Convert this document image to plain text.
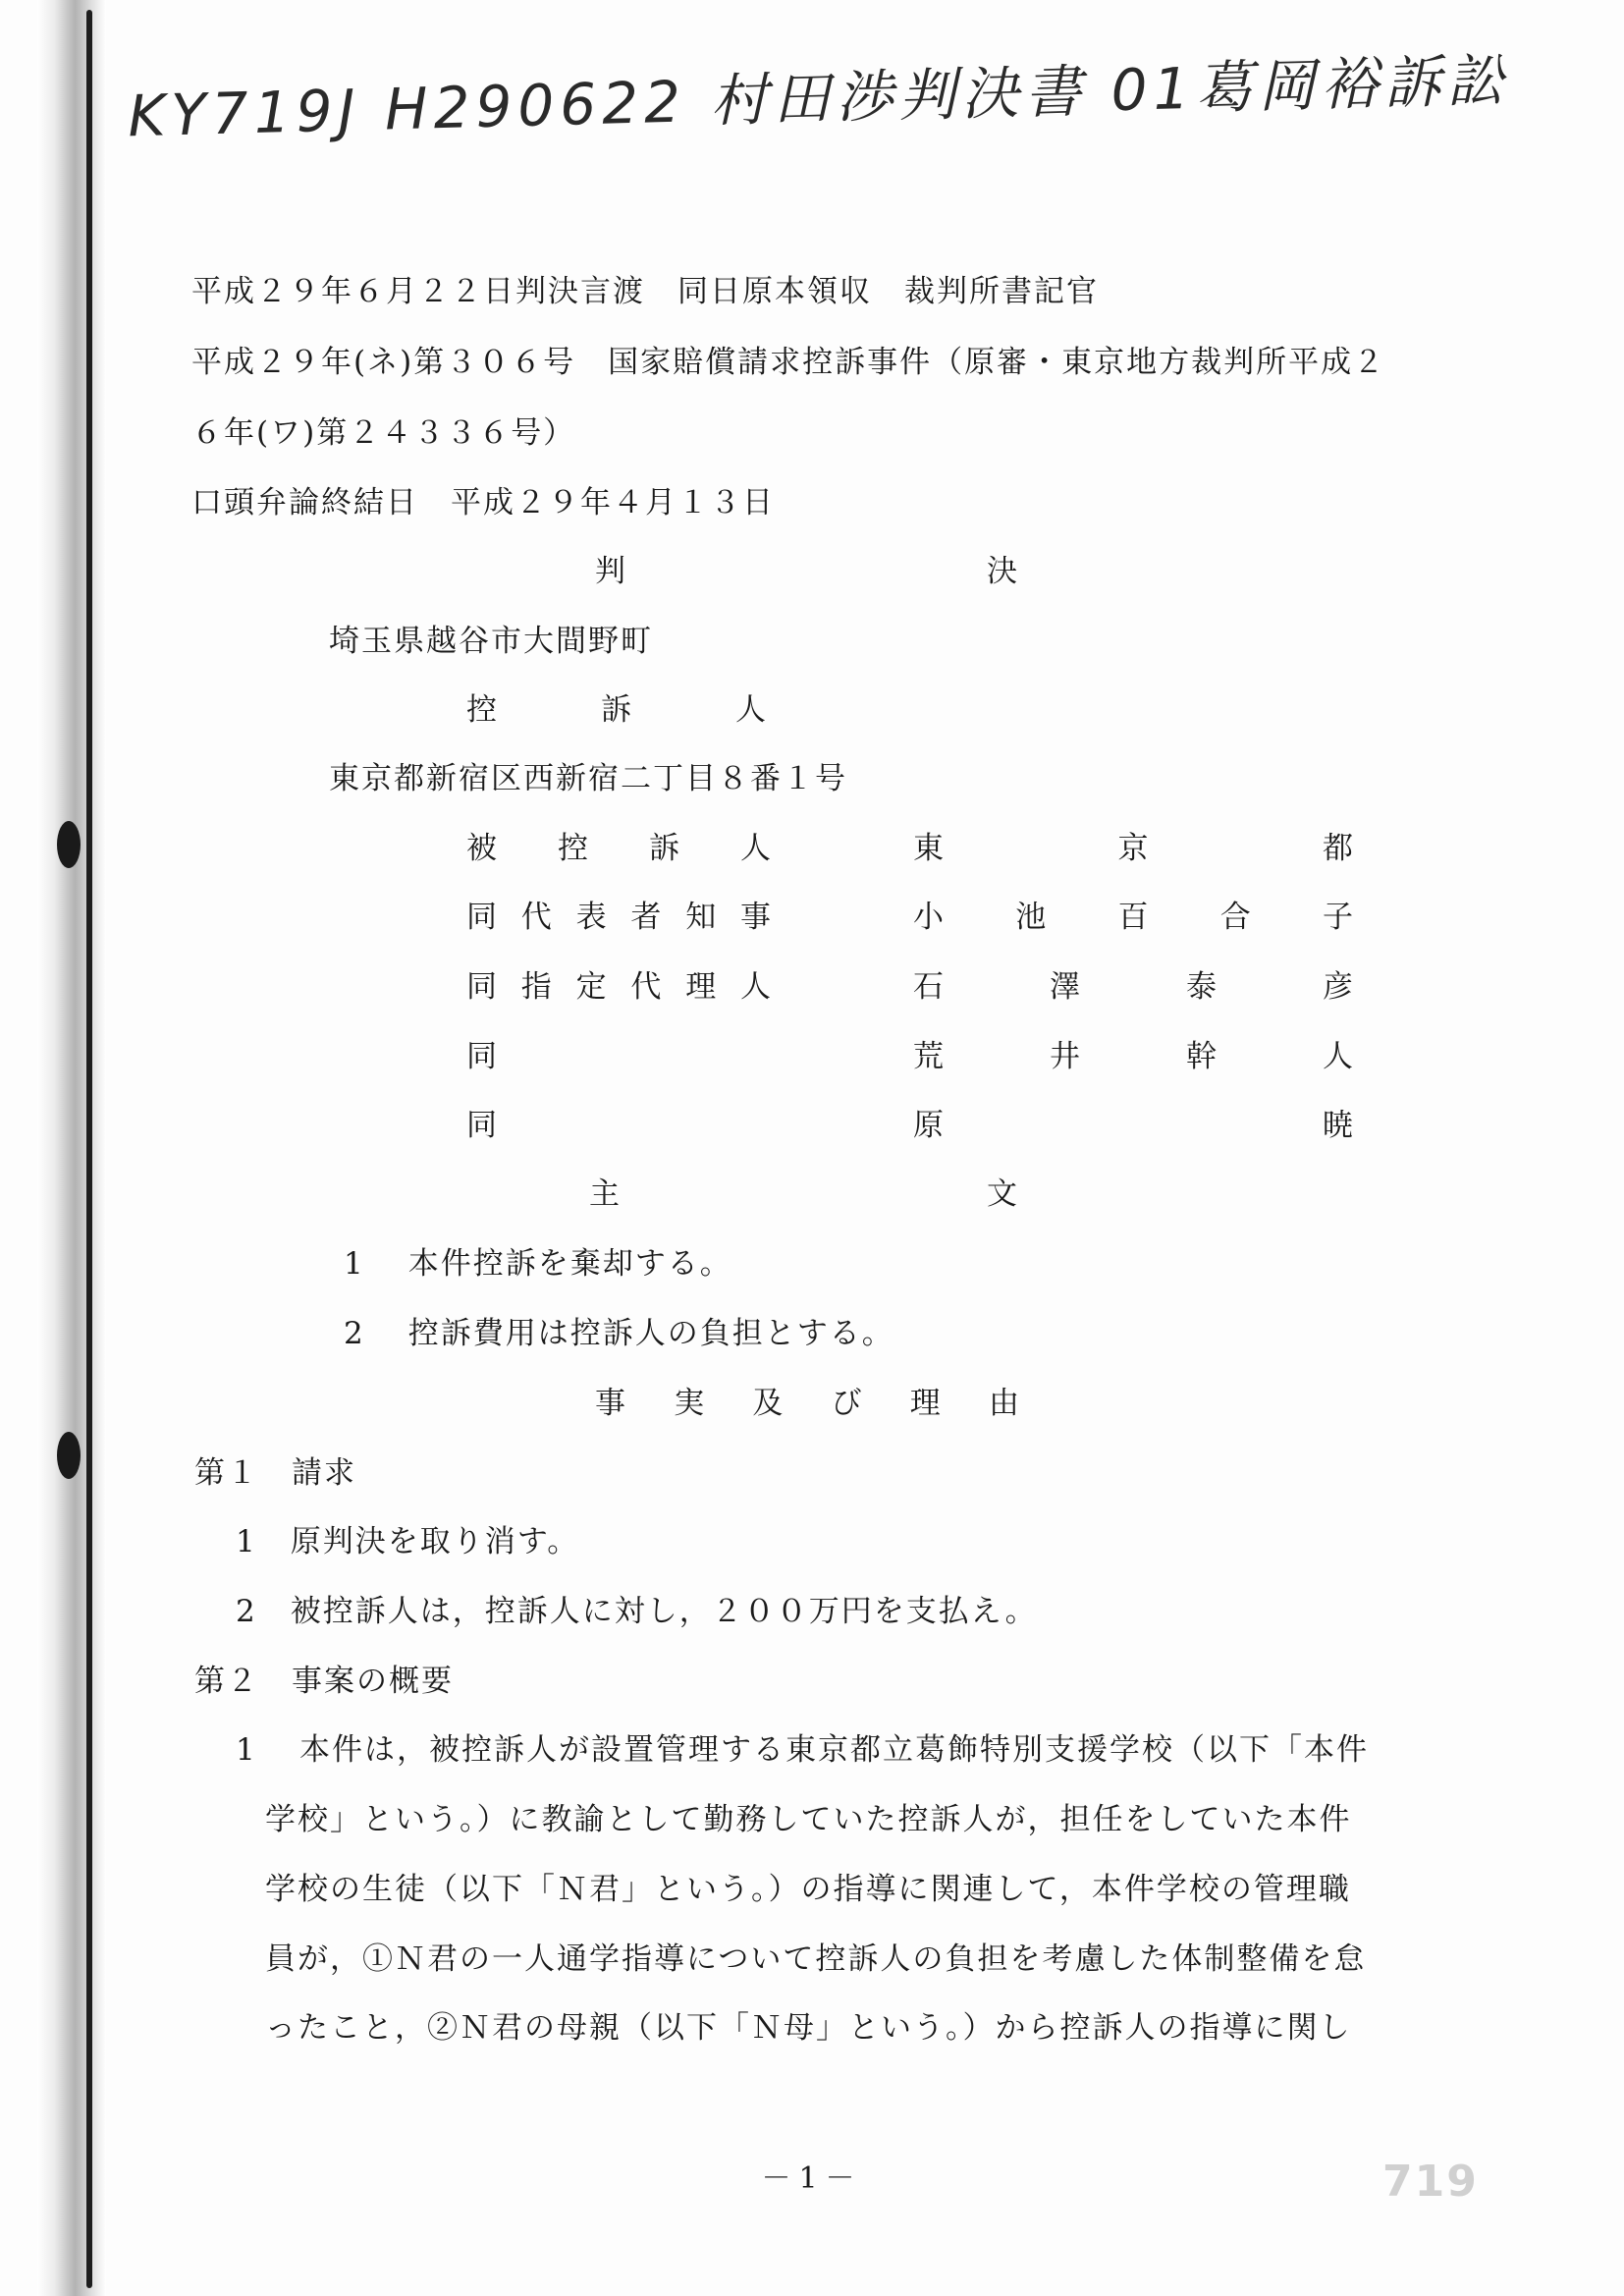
KY719J H290622 村田渉判決書 01葛岡裕訴訟
平成２９年６月２２日判決言渡　同日原本領収　裁判所書記官
平成２９年(ネ)第３０６号　国家賠償請求控訴事件（原審・東京地方裁判所平成２
６年(ワ)第２４３３６号）
口頭弁論終結日　平成２９年４月１３日
判	決
埼玉県越谷市大間野町
控	訴	人
東京都新宿区西新宿二丁目８番１号
被 控 訴 人	東	京	都
同 代 表 者 知 事	小 池 百 合 子
同 指 定 代 理 人	石	澤	泰	彦
同	荒	井	幹	人
同	原	暁
主	文
1 本件控訴を棄却する。
2 控訴費用は控訴人の負担とする。
事 実 及 び 理 由
第１　請求
1 原判決を取り消す。
2 被控訴人は，控訴人に対し，２００万円を支払え。
第２　事案の概要
1 本件は，被控訴人が設置管理する東京都立葛飾特別支援学校（以下「本件
学校」という。）に教諭として勤務していた控訴人が，担任をしていた本件
学校の生徒（以下「Ｎ君」という。）の指導に関連して，本件学校の管理職
員が，①Ｎ君の一人通学指導について控訴人の負担を考慮した体制整備を怠
ったこと，②Ｎ君の母親（以下「Ｎ母」という。）から控訴人の指導に関し
－1－	719
